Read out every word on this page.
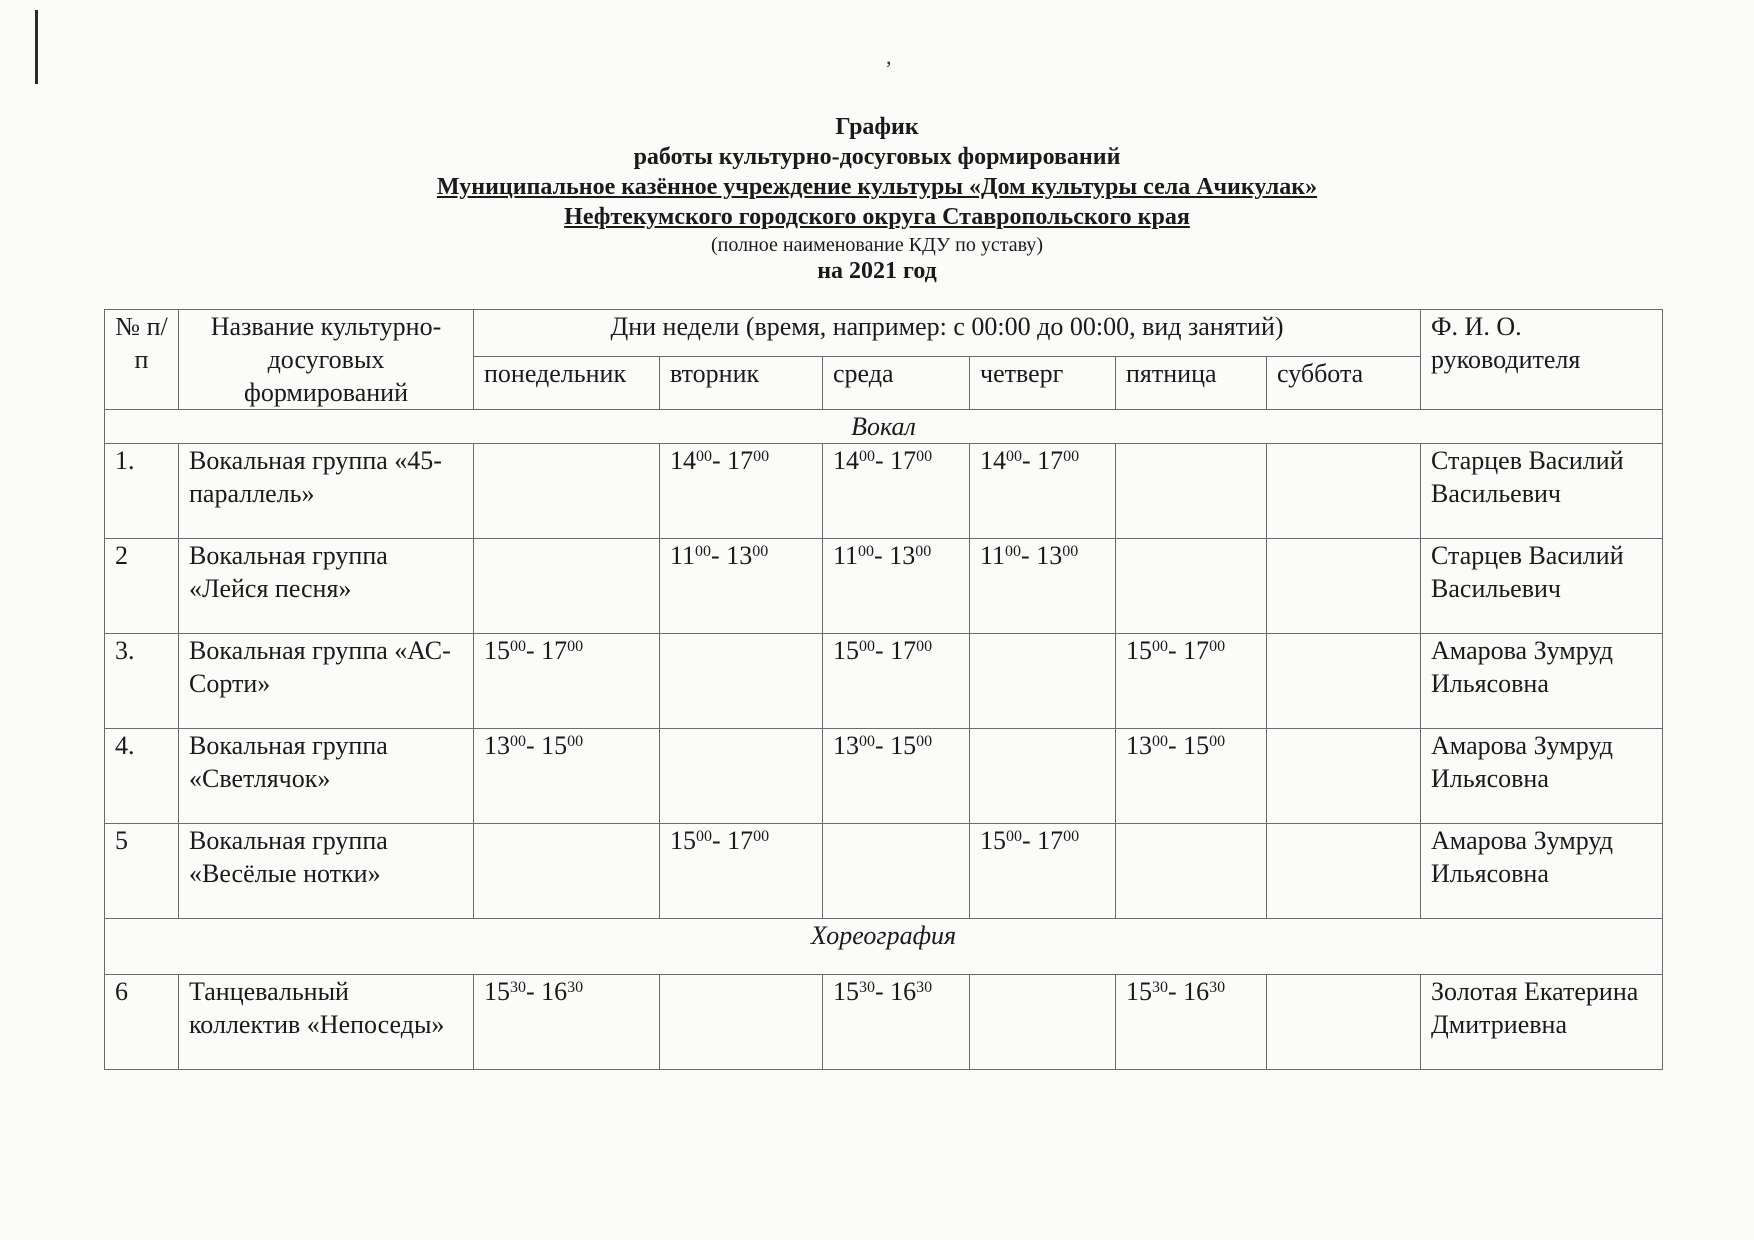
,
График
работы культурно-досуговых формирований
Муниципальное казённое учреждение культуры «Дом культуры села Ачикулак»
Нефтекумского городского округа Ставропольского края
(полное наименование КДУ по уставу)
на 2021 год
№ п/п	Название культурно-досуговых формирований	Дни недели (время, например: с 00:00 до 00:00, вид занятий)						Ф. И. О. руководителя
		понедельник	вторник	среда	четверг	пятница	суббота	
Вокал								
1.	Вокальная группа «45-параллель»		$14^{00}-$ $17^{00}$	$14^{00}-$ $17^{00}$	$14^{00}-$ $17^{00}$			Старцев Василий Васильевич
2	Вокальная группа «Лейся песня»		$11^{00}-$ $13^{00}$	$11^{00}-$ $13^{00}$	$11^{00}-$ $13^{00}$			Старцев Василий Васильевич
3.	Вокальная группа «АС-Сорти»	$15^{00}-$ $17^{00}$		$15^{00}-$ $17^{00}$		$15^{00}-$ $17^{00}$		Амарова Зумруд Ильясовна
4.	Вокальная группа «Светлячок»	$13^{00}-$ $15^{00}$		$13^{00}-$ $15^{00}$		$13^{00}-$ $15^{00}$		Амарова Зумруд Ильясовна
5	Вокальная группа «Весёлые нотки»		$15^{00}-$ $17^{00}$		$15^{00}-$ $17^{00}$			Амарова Зумруд Ильясовна
Хореография								
6	Танцевальный коллектив «Непоседы»	$15^{30}-$ $16^{30}$		$15^{30}-$ $16^{30}$		$15^{30}-$ $16^{30}$		Золотая Екатерина Дмитриевна
